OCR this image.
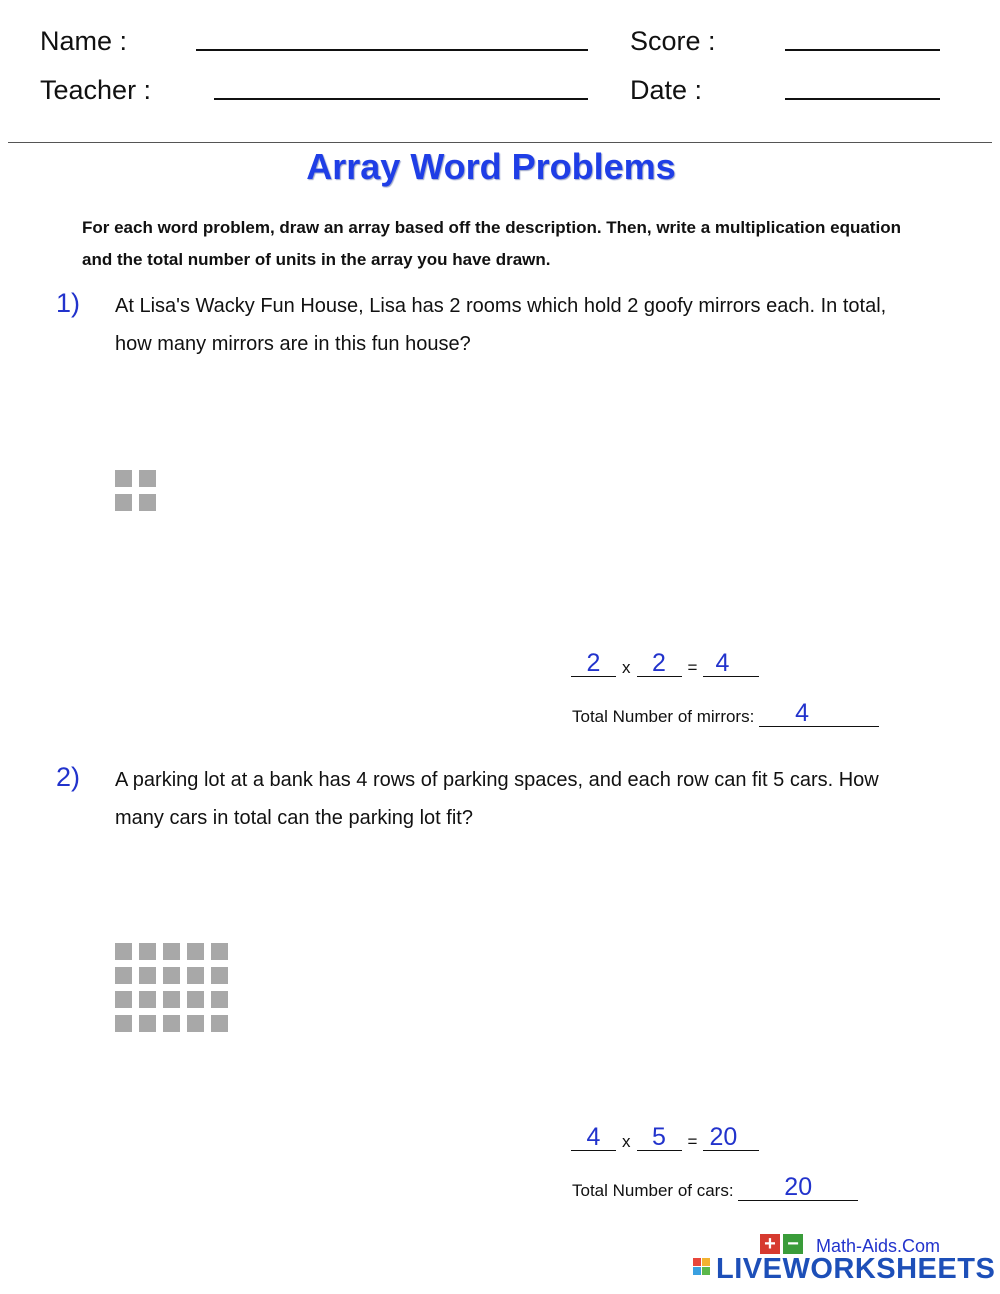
Name :
Teacher :
Score :
Date :
Array Word Problems
For each word problem, draw an array based off the description. Then, write a multiplication equation and the total number of units in the array you have drawn.
1) At Lisa's Wacky Fun House, Lisa has 2 rooms which hold 2 goofy mirrors each. In total, how many mirrors are in this fun house?
2	x 2	= 4
Total Number of mirrors:	4
2) A parking lot at a bank has 4 rows of parking spaces, and each row can fit 5 cars. How many cars in total can the parking lot fit?
4	x 5	= 20
Total Number of cars:	20
+ − Math-Aids.Com
LIVEWORKSHEETS
